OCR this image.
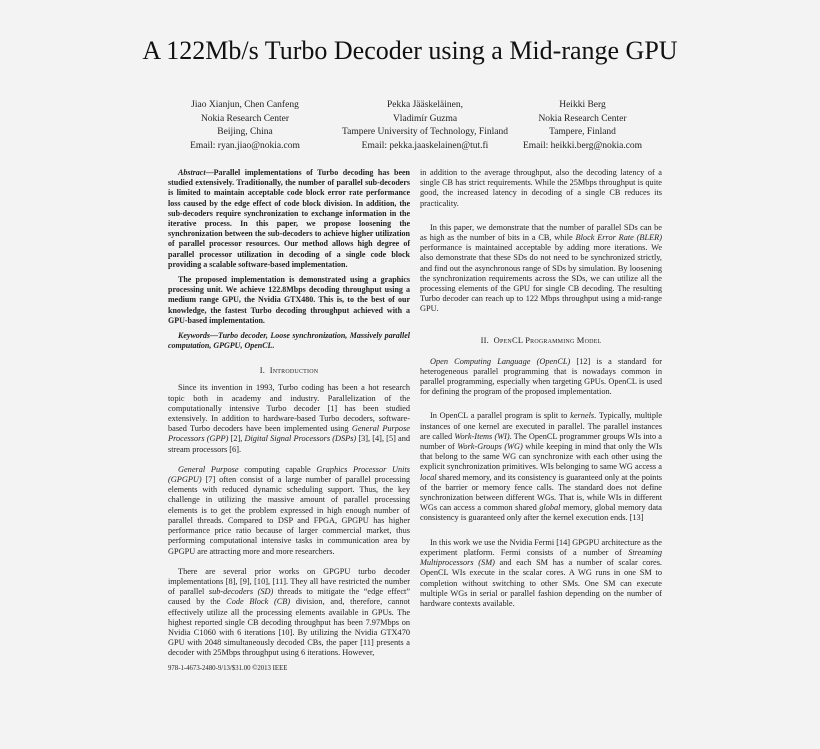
A 122Mb/s Turbo Decoder using a Mid-range GPU
Jiao Xianjun, Chen Canfeng
Nokia Research Center
Beijing, China
Email: ryan.jiao@nokia.com
Pekka Jääskeläinen,
Vladimír Guzma
Tampere University of Technology, Finland
Email: pekka.jaaskelainen@tut.fi
Heikki Berg
Nokia Research Center
Tampere, Finland
Email: heikki.berg@nokia.com

Abstract—Parallel implementations of Turbo decoding has been studied extensively. Traditionally, the number of parallel sub-decoders is limited to maintain acceptable code block error rate performance loss caused by the edge effect of code block division. In addition, the sub-decoders require synchronization to exchange information in the iterative process. In this paper, we propose loosening the synchronization between the sub-decoders to achieve higher utilization of parallel processor resources. Our method allows high degree of parallel processor utilization in decoding of a single code block providing a scalable software-based implementation.

The proposed implementation is demonstrated using a graphics processing unit. We achieve 122.8Mbps decoding throughput using a medium range GPU, the Nvidia GTX480. This is, to the best of our knowledge, the fastest Turbo decoding throughput achieved with a GPU-based implementation.

Keywords—Turbo decoder, Loose synchronization, Massively parallel computation, GPGPU, OpenCL.

I. Introduction

Since its invention in 1993, Turbo coding has been a hot research topic both in academy and industry. Parallelization of the computationally intensive Turbo decoder [1] has been studied extensively. In addition to hardware-based Turbo decoders, software-based Turbo decoders have been implemented using General Purpose Processors (GPP) [2], Digital Signal Processors (DSPs) [3], [4], [5] and stream processors [6].

General Purpose computing capable Graphics Processor Units (GPGPU) [7] often consist of a large number of parallel processing elements with reduced dynamic scheduling support. Thus, the key challenge in utilizing the massive amount of parallel processing elements is to get the problem expressed in high enough number of parallel threads. Compared to DSP and FPGA, GPGPU has higher performance price ratio because of larger commercial market, thus performing computational intensive tasks in communication area by GPGPU are attracting more and more researchers.

There are several prior works on GPGPU turbo decoder implementations [8], [9], [10], [11]. They all have restricted the number of parallel sub-decoders (SD) threads to mitigate the “edge effect” caused by the Code Block (CB) division, and, therefore, cannot effectively utilize all the processing elements available in GPUs. The highest reported single CB decoding throughput has been 7.97Mbps on Nvidia C1060 with 6 iterations [10]. By utilizing the Nvidia GTX470 GPU with 2048 simultaneously decoded CBs, the paper [11] presents a decoder with 25Mbps throughput using 6 iterations. However,

978-1-4673-2480-9/13/$31.00 ©2013 IEEE

in addition to the average throughput, also the decoding latency of a single CB has strict requirements. While the 25Mbps throughput is quite good, the increased latency in decoding of a single CB reduces its practicality.

In this paper, we demonstrate that the number of parallel SDs can be as high as the number of bits in a CB, while Block Error Rate (BLER) performance is maintained acceptable by adding more iterations. We also demonstrate that these SDs do not need to be synchronized strictly, and find out the asynchronous range of SDs by simulation. By loosening the synchronization requirements across the SDs, we can utilize all the processing elements of the GPU for single CB decoding. The resulting Turbo decoder can reach up to 122 Mbps throughput using a mid-range GPU.

II. OpenCL Programming Model

Open Computing Language (OpenCL) [12] is a standard for heterogeneous parallel programming that is nowadays common in parallel programming, especially when targeting GPUs. OpenCL is used for defining the program of the proposed implementation.

In OpenCL a parallel program is split to kernels. Typically, multiple instances of one kernel are executed in parallel. The parallel instances are called Work-Items (WI). The OpenCL programmer groups WIs into a number of Work-Groups (WG) while keeping in mind that only the WIs that belong to the same WG can synchronize with each other using the explicit synchronization primitives. WIs belonging to same WG access a local shared memory, and its consistency is guaranteed only at the points of the barrier or memory fence calls. The standard does not define synchronization between different WGs. That is, while WIs in different WGs can access a common shared global memory, global memory data consistency is guaranteed only after the kernel execution ends. [13]

In this work we use the Nvidia Fermi [14] GPGPU architecture as the experiment platform. Fermi consists of a number of Streaming Multiprocessors (SM) and each SM has a number of scalar cores. OpenCL WIs execute in the scalar cores. A WG runs in one SM to completion without switching to other SMs. One SM can execute multiple WGs in serial or parallel fashion depending on the number of hardware contexts available.
